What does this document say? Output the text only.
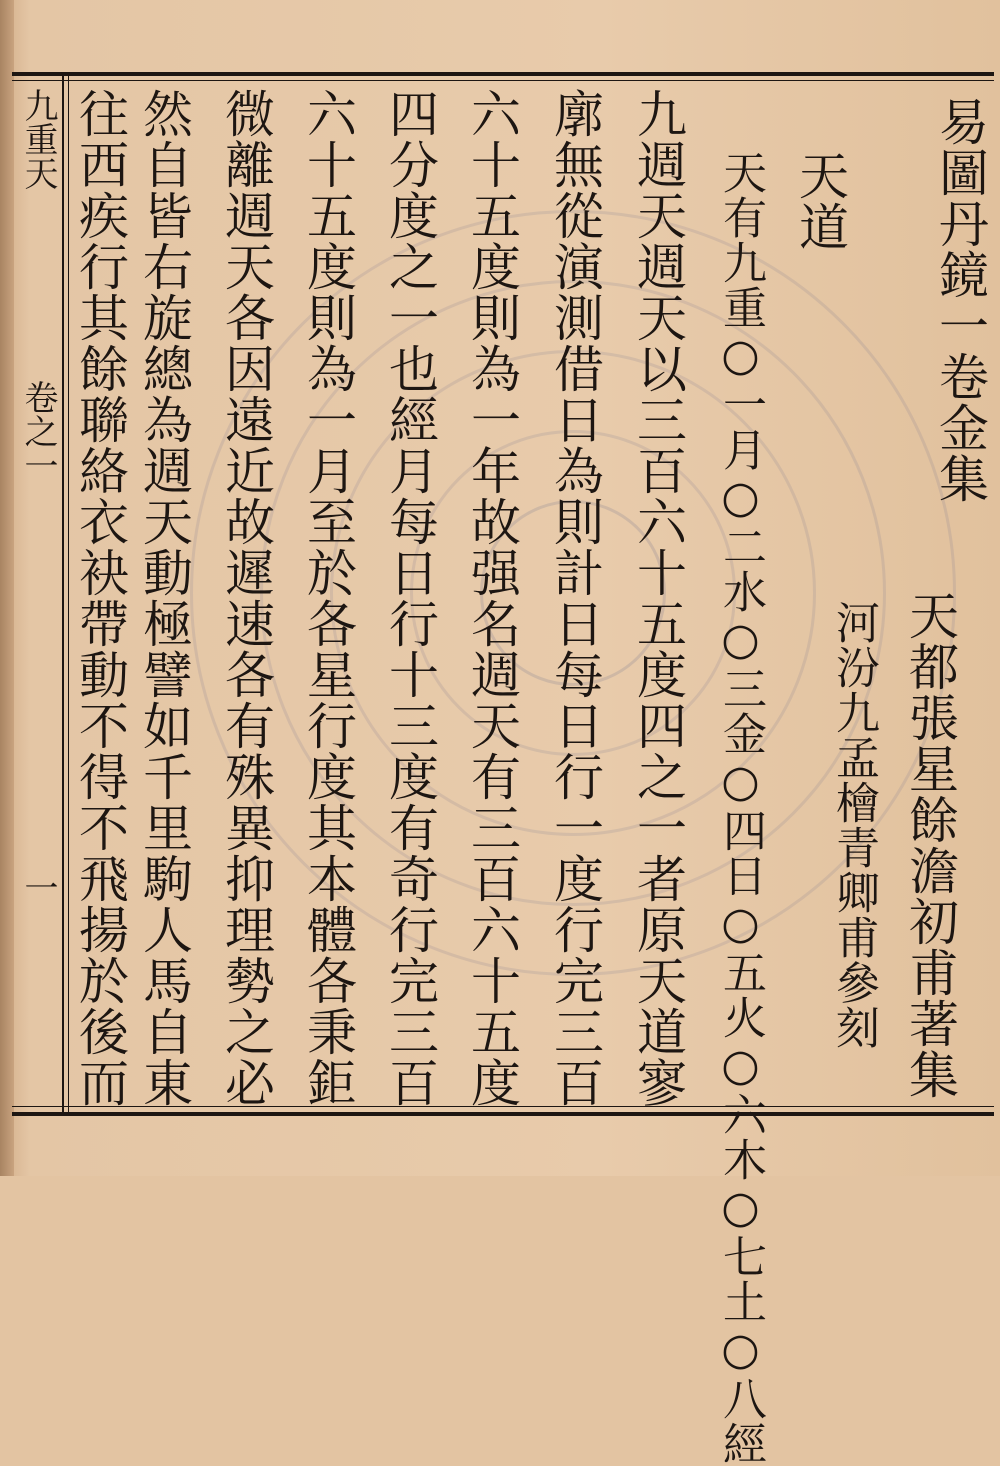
易圖丹鏡一卷金集
天都張星餘澹初甫著集
河汾九孟檜青卿甫參刻
天道
天有九重○一月○二水○三金○四日○五火○六木○七土○八經
九週天週天以三百六十五度四之一者原天道寥
廓無從演測借日為則計日每日行一度行完三百
六十五度則為一年故强名週天有三百六十五度
四分度之一也經月每日行十三度有奇行完三百
六十五度則為一月至於各星行度其本體各秉鉅
微離週天各因遠近故遲速各有殊異抑理勢之必
然自皆右旋總為週天動極譬如千里駒人馬自東
往西疾行其餘聯絡衣袂帶動不得不飛揚於後而
九重天
卷之一
一
